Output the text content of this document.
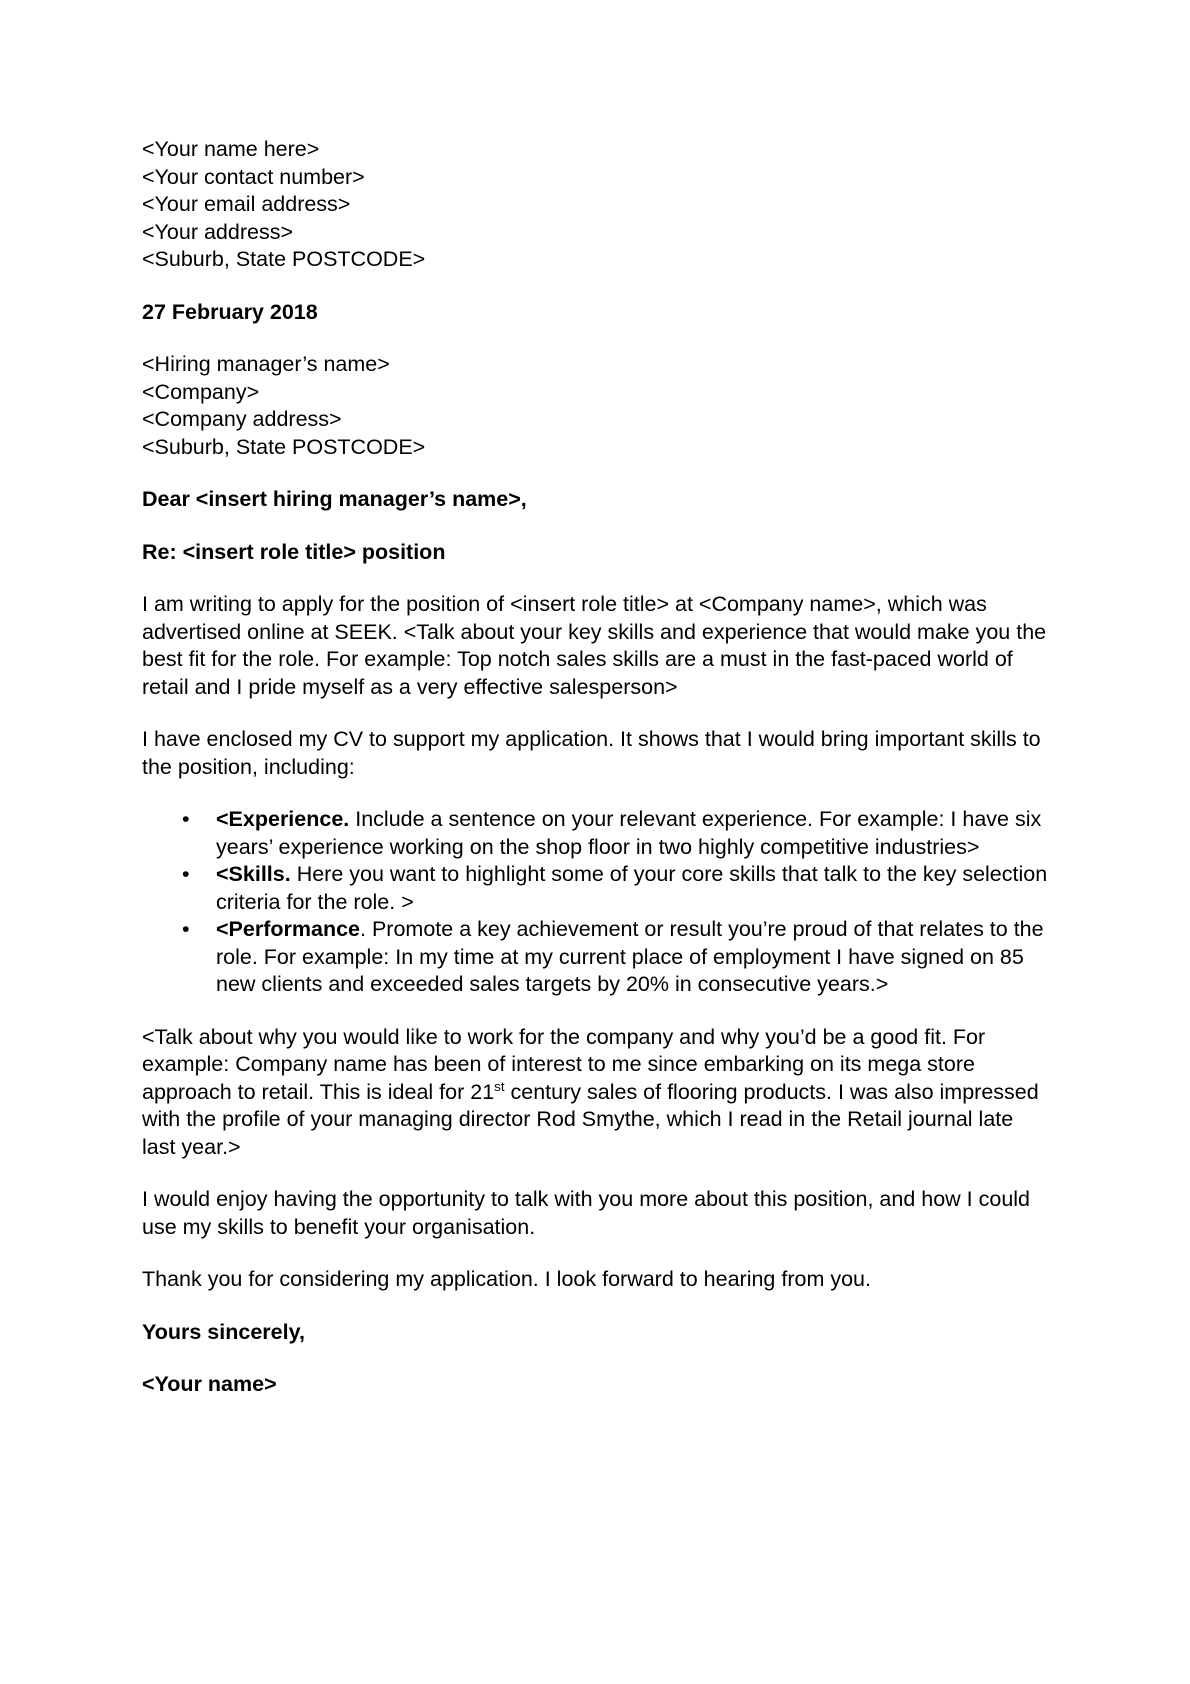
<Your name here>
<Your contact number>
<Your email address>
<Your address>
<Suburb, State POSTCODE>

27 February 2018

<Hiring manager’s name>
<Company>
<Company address>
<Suburb, State POSTCODE>

Dear <insert hiring manager’s name>,

Re: <insert role title> position

I am writing to apply for the position of <insert role title> at <Company name>, which was advertised online at SEEK. <Talk about your key skills and experience that would make you the best fit for the role. For example: Top notch sales skills are a must in the fast-paced world of retail and I pride myself as a very effective salesperson>

I have enclosed my CV to support my application. It shows that I would bring important skills to the position, including:

• <Experience. Include a sentence on your relevant experience. For example: I have six years’ experience working on the shop floor in two highly competitive industries>
• <Skills. Here you want to highlight some of your core skills that talk to the key selection criteria for the role. >
• <Performance. Promote a key achievement or result you’re proud of that relates to the role. For example: In my time at my current place of employment I have signed on 85 new clients and exceeded sales targets by 20% in consecutive years.>

<Talk about why you would like to work for the company and why you’d be a good fit. For example: Company name has been of interest to me since embarking on its mega store approach to retail. This is ideal for 21st century sales of flooring products. I was also impressed with the profile of your managing director Rod Smythe, which I read in the Retail journal late last year.>

I would enjoy having the opportunity to talk with you more about this position, and how I could use my skills to benefit your organisation.

Thank you for considering my application. I look forward to hearing from you.

Yours sincerely,

<Your name>
